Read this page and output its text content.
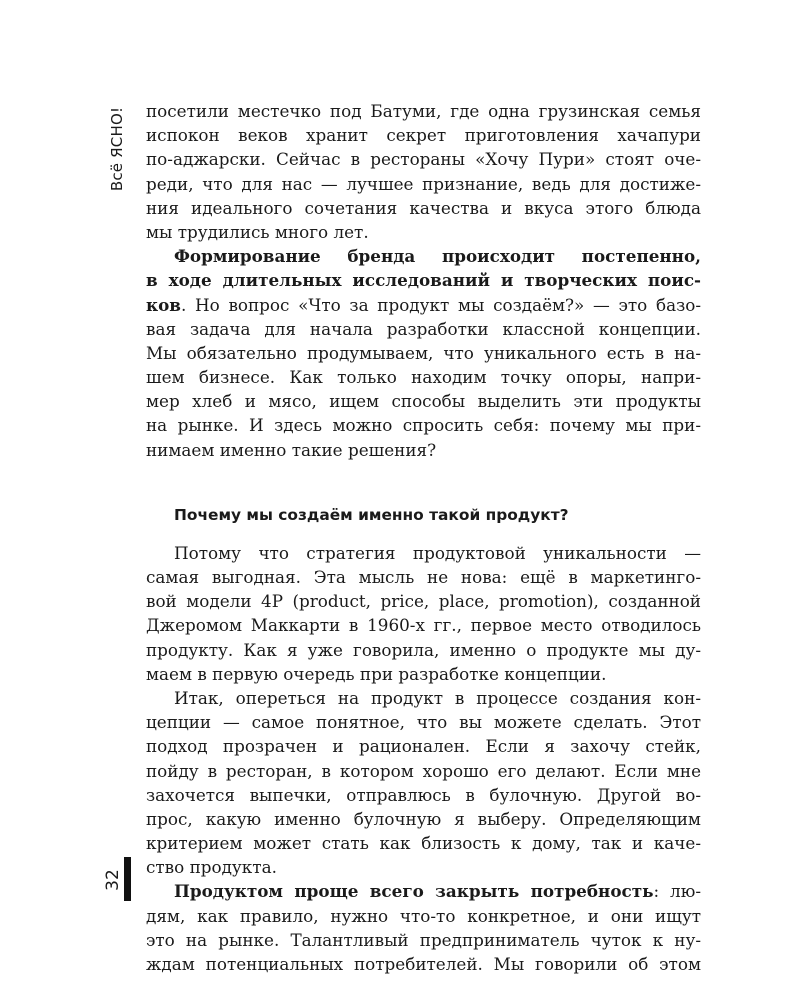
Всё ЯСНО!
32
посетили местечко под Батуми, где одна грузинская семья
испокон веков хранит секрет приготовления хачапури
по-аджарски. Сейчас в рестораны «Хочу Пури» стоят оче-
реди, что для нас — лучшее признание, ведь для достиже-
ния идеального сочетания качества и вкуса этого блюда
мы трудились много лет.
Формирование бренда происходит постепенно,
в ходе длительных исследований и творческих поис-
ков. Но вопрос «Что за продукт мы создаём?» — это базо-
вая задача для начала разработки классной концепции.
Мы обязательно продумываем, что уникального есть в на-
шем бизнесе. Как только находим точку опоры, напри-
мер хлеб и мясо, ищем способы выделить эти продукты
на рынке. И здесь можно спросить себя: почему мы при-
нимаем именно такие решения?
Почему мы создаём именно такой продукт?
Потому что стратегия продуктовой уникальности —
самая выгодная. Эта мысль не нова: ещё в маркетинго-
вой модели 4P (product, price, place, promotion), созданной
Джеромом Маккарти в 1960-х гг., первое место отводилось
продукту. Как я уже говорила, именно о продукте мы ду-
маем в первую очередь при разработке концепции.
Итак, опереться на продукт в процессе создания кон-
цепции — самое понятное, что вы можете сделать. Этот
подход прозрачен и рационален. Если я захочу стейк,
пойду в ресторан, в котором хорошо его делают. Если мне
захочется выпечки, отправлюсь в булочную. Другой во-
прос, какую именно булочную я выберу. Определяющим
критерием может стать как близость к дому, так и каче-
ство продукта.
Продуктом проще всего закрыть потребность: лю-
дям, как правило, нужно что-то конкретное, и они ищут
это на рынке. Талантливый предприниматель чуток к ну-
ждам потенциальных потребителей. Мы говорили об этом
